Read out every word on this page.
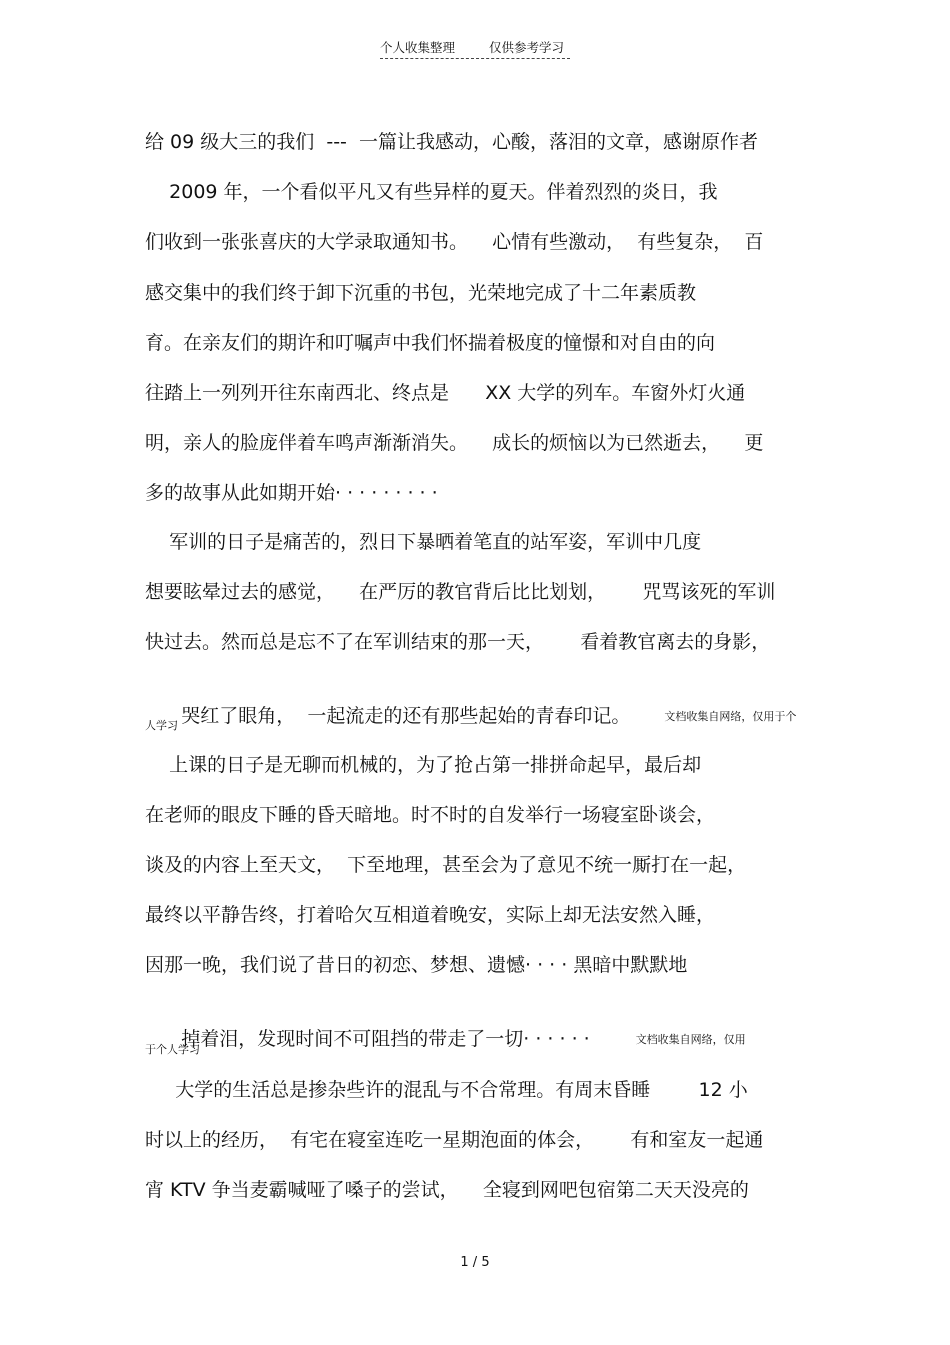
个人收集整理	仅供参考学习
给 09 级大三的我们  ---  一篇让我感动，心酸，落泪的文章，感谢原作者
2009 年，一个看似平凡又有些异样的夏天。伴着烈烈的炎日，我
们收到一张张喜庆的大学录取通知书。    心情有些激动，  有些复杂，  百
感交集中的我们终于卸下沉重的书包，光荣地完成了十二年素质教
育。在亲友们的期许和叮嘱声中我们怀揣着极度的憧憬和对自由的向
往踏上一列列开往东南西北、终点是      XX 大学的列车。车窗外灯火通
明，亲人的脸庞伴着车鸣声渐渐消失。    成长的烦恼以为已然逝去，    更
多的故事从此如期开始· · · · · · · · ·
军训的日子是痛苦的，烈日下暴晒着笔直的站军姿，军训中几度
想要眩晕过去的感觉，    在严厉的教官背后比比划划，      咒骂该死的军训
快过去。然而总是忘不了在军训结束的那一天，      看着教官离去的身影，

哭红了眼角，  一起流走的还有那些起始的青春印记。	文档收集自网络，仅用于个

人学习
上课的日子是无聊而机械的，为了抢占第一排拼命起早，最后却
在老师的眼皮下睡的昏天暗地。时不时的自发举行一场寝室卧谈会，
谈及的内容上至天文，  下至地理，甚至会为了意见不统一厮打在一起，
最终以平静告终，打着哈欠互相道着晚安，实际上却无法安然入睡，
因那一晚，我们说了昔日的初恋、梦想、遗憾· · · · 黑暗中默默地

掉着泪，发现时间不可阻挡的带走了一切· · · · · ·	文档收集自网络，仅用

于个人学习
大学的生活总是掺杂些许的混乱与不合常理。有周末昏睡        12 小
时以上的经历，  有宅在寝室连吃一星期泡面的体会，      有和室友一起通
宵 KTV 争当麦霸喊哑了嗓子的尝试，    全寝到网吧包宿第二天天没亮的
1 / 5
